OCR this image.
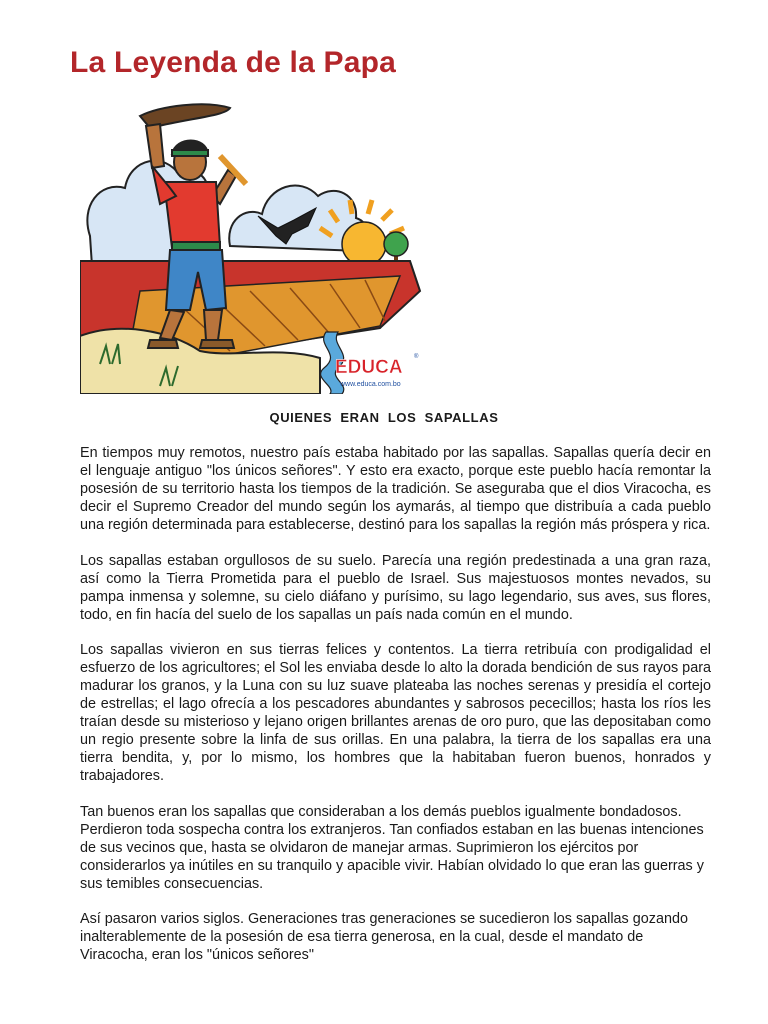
La Leyenda de la Papa
EDUCA ®
www.educa.com.bo
QUIENES ERAN LOS SAPALLAS

En tiempos muy remotos, nuestro país estaba habitado por las sapallas. Sapallas quería decir en el lenguaje antiguo "los únicos señores". Y esto era exacto, porque este pueblo hacía remontar la posesión de su territorio hasta los tiempos de la tradición. Se aseguraba que el dios Viracocha, es decir el Supremo Creador del mundo según los aymarás, al tiempo que distribuía a cada pueblo una región determinada para establecerse, destinó para los sapallas la región más próspera y rica.

Los sapallas estaban orgullosos de su suelo. Parecía una región predestinada a una gran raza, así como la Tierra Prometida para el pueblo de Israel. Sus majestuosos montes nevados, su pampa inmensa y solemne, su cielo diáfano y purísimo, su lago legendario, sus aves, sus flores, todo, en fin hacía del suelo de los sapallas un país nada común en el mundo.

Los sapallas vivieron en sus tierras felices y contentos. La tierra retribuía con prodigalidad el esfuerzo de los agricultores; el Sol les enviaba desde lo alto la dorada bendición de sus rayos para madurar los granos, y la Luna con su luz suave plateaba las noches serenas y presidía el cortejo de estrellas; el lago ofrecía a los pescadores abundantes y sabrosos pececillos; hasta los ríos les traían desde su misterioso y lejano origen brillantes arenas de oro puro, que las depositaban como un regio presente sobre la linfa de sus orillas. En una palabra, la tierra de los sapallas era una tierra bendita, y, por lo mismo, los hombres que la habitaban fueron buenos, honrados y trabajadores.

Tan buenos eran los sapallas que consideraban a los demás pueblos igualmente bondadosos. Perdieron toda sospecha contra los extranjeros. Tan confiados estaban en las buenas intenciones de sus vecinos que, hasta se olvidaron de manejar armas. Suprimieron los ejércitos por considerarlos ya inútiles en su tranquilo y apacible vivir. Habían olvidado lo que eran las guerras y sus temibles consecuencias.

Así pasaron varios siglos. Generaciones tras generaciones se sucedieron los sapallas gozando inalterablemente de la posesión de esa tierra generosa, en la cual, desde el mandato de Viracocha, eran los "únicos señores"
